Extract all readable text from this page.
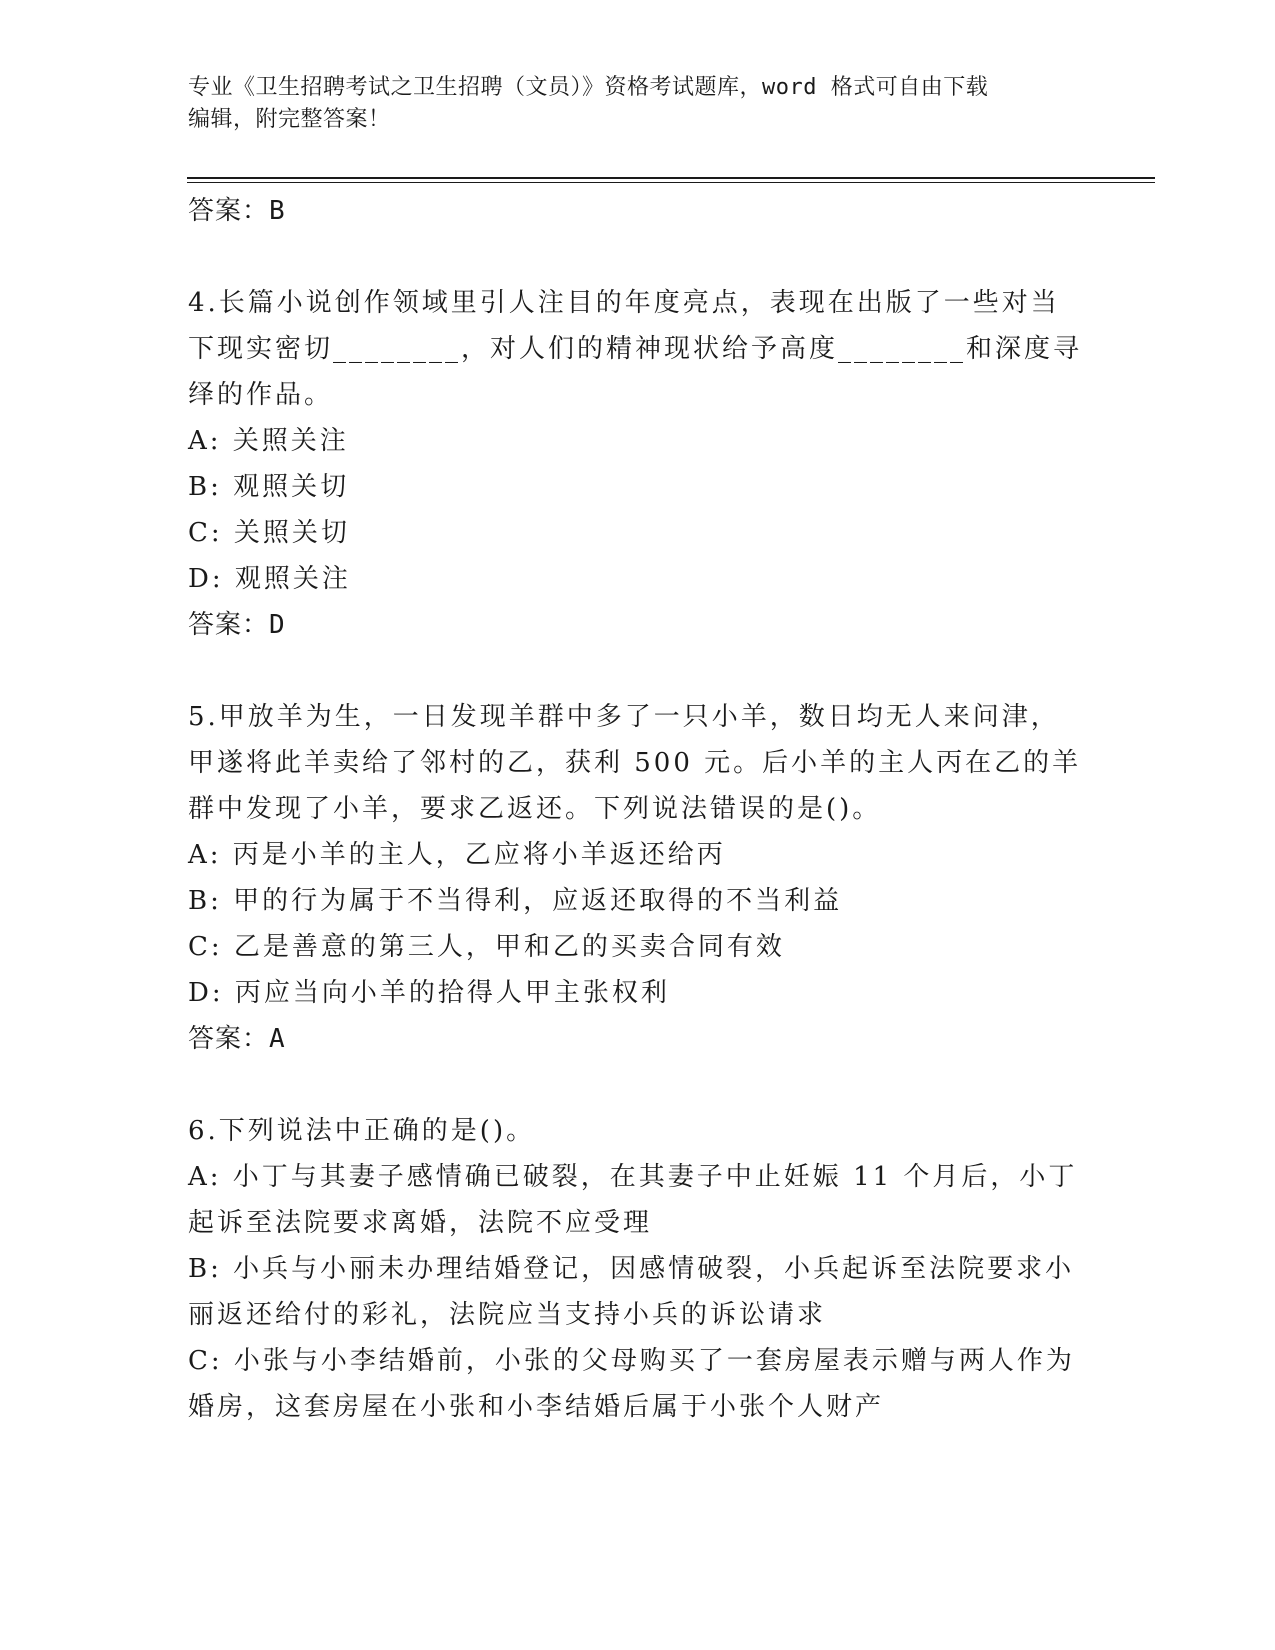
专业《卫生招聘考试之卫生招聘（文员）》资格考试题库，word 格式可自由下载
编辑，附完整答案！
答案：B
4.长篇小说创作领域里引人注目的年度亮点，表现在出版了一些对当
下现实密切________，对人们的精神现状给予高度________和深度寻
绎的作品。
A: 关照关注
B: 观照关切
C: 关照关切
D: 观照关注
答案：D
5.甲放羊为生，一日发现羊群中多了一只小羊，数日均无人来问津，
甲遂将此羊卖给了邻村的乙，获利 500 元。后小羊的主人丙在乙的羊
群中发现了小羊，要求乙返还。下列说法错误的是()。
A: 丙是小羊的主人，乙应将小羊返还给丙
B: 甲的行为属于不当得利，应返还取得的不当利益
C: 乙是善意的第三人，甲和乙的买卖合同有效
D: 丙应当向小羊的拾得人甲主张权利
答案：A
6.下列说法中正确的是()。
A: 小丁与其妻子感情确已破裂，在其妻子中止妊娠 11 个月后，小丁
起诉至法院要求离婚，法院不应受理
B: 小兵与小丽未办理结婚登记，因感情破裂，小兵起诉至法院要求小
丽返还给付的彩礼，法院应当支持小兵的诉讼请求
C: 小张与小李结婚前，小张的父母购买了一套房屋表示赠与两人作为
婚房，这套房屋在小张和小李结婚后属于小张个人财产
